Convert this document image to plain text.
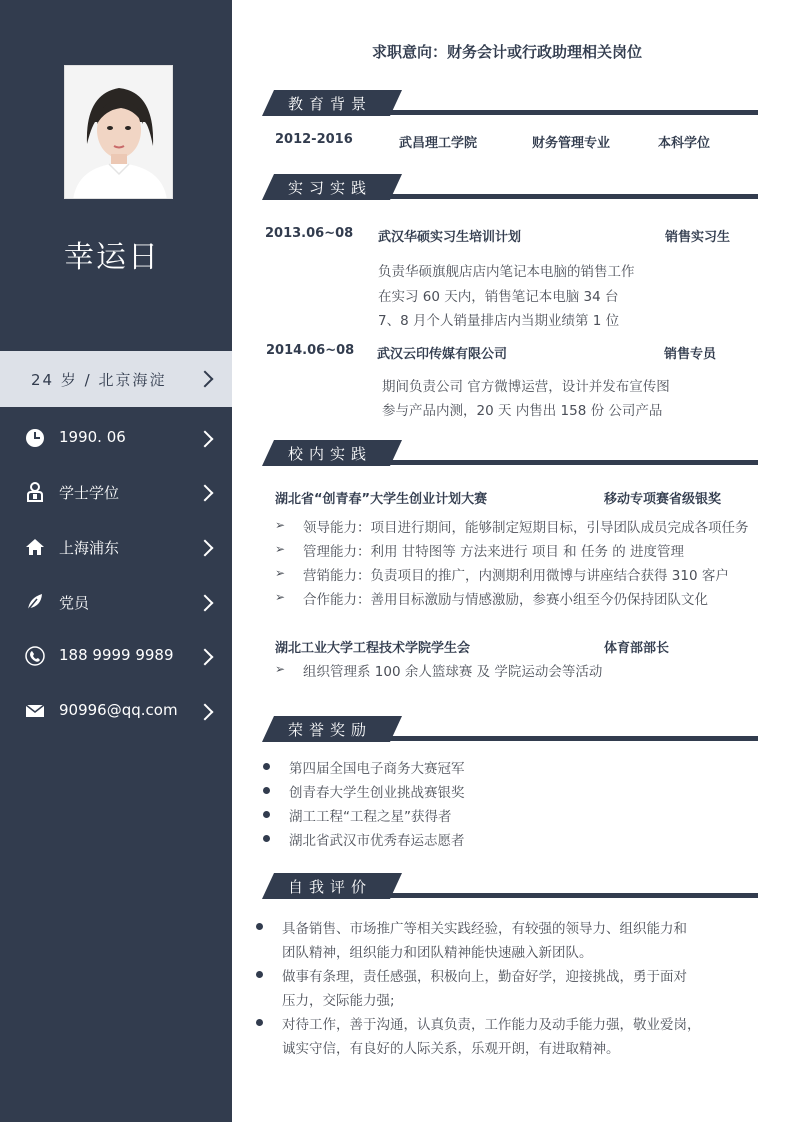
幸运日
24 岁 / 北京海淀
1990. 06
学士学位
上海浦东
党员
188 9999 9989
90996@qq.com
求职意向：财务会计或行政助理相关岗位
教育背景
2012-2016	武昌理工学院	财务管理专业	本科学位
实习实践
2013.06~08 武汉华硕实习生培训计划	销售实习生
负责华硕旗舰店店内笔记本电脑的销售工作
在实习 60 天内，销售笔记本电脑 34 台
7、8 月个人销量排店内当期业绩第 1 位
2014.06~08 武汉云印传媒有限公司	销售专员
期间负责公司 官方微博运营，设计并发布宣传图
参与产品内测，20 天 内售出 158 份 公司产品
校内实践
湖北省“创青春”大学生创业计划大赛	移动专项赛省级银奖
➢ 领导能力：项目进行期间，能够制定短期目标，引导团队成员完成各项任务
➢ 管理能力：利用 甘特图等 方法来进行 项目 和 任务 的 进度管理
➢ 营销能力：负责项目的推广，内测期利用微博与讲座结合获得 310 客户
➢ 合作能力：善用目标激励与情感激励，参赛小组至今仍保持团队文化
湖北工业大学工程技术学院学生会	体育部部长
➢ 组织管理系 100 余人篮球赛 及 学院运动会等活动
荣誉奖励
第四届全国电子商务大赛冠军
创青春大学生创业挑战赛银奖
湖工工程“工程之星”获得者
湖北省武汉市优秀春运志愿者
自我评价
具备销售、市场推广等相关实践经验，有较强的领导力、组织能力和
团队精神，组织能力和团队精神能快速融入新团队。
做事有条理，责任感强，积极向上，勤奋好学，迎接挑战，勇于面对
压力，交际能力强;
对待工作，善于沟通，认真负责，工作能力及动手能力强，敬业爱岗，
诚实守信，有良好的人际关系，乐观开朗，有进取精神。
